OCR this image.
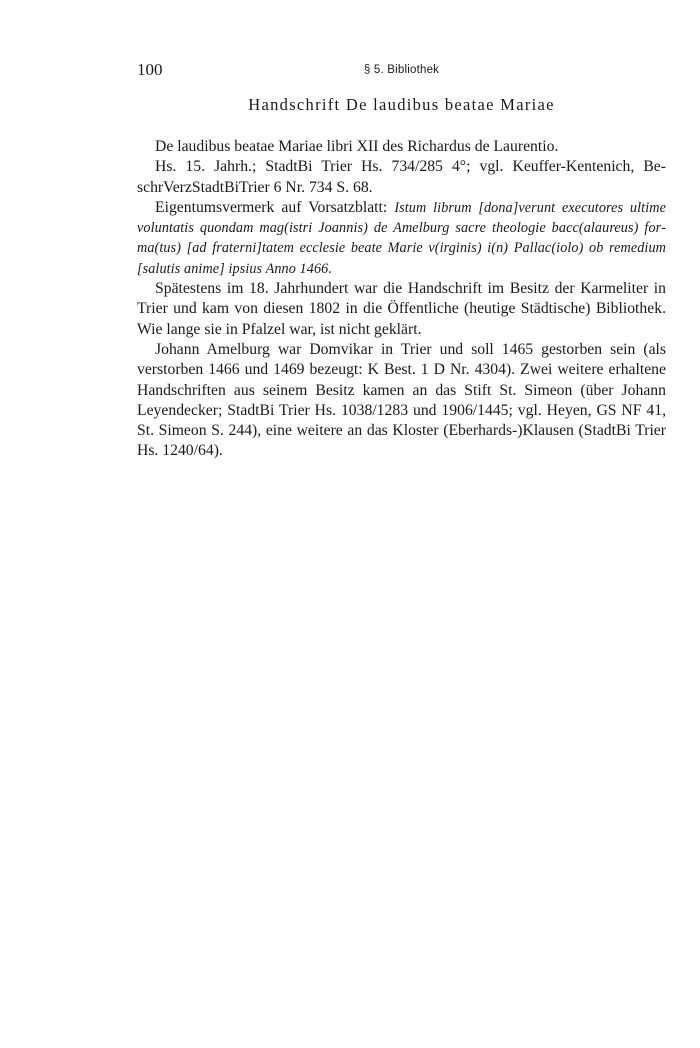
100	§ 5. Bibliothek
Handschrift De laudibus beatae Mariae

De laudibus beatae Mariae libri XII des Richardus de Laurentio.

Hs. 15. Jahrh.; StadtBi Trier Hs. 734/285 4°; vgl. Keuffer-Kentenich, BeschrVerzStadtBiTrier 6 Nr. 734 S. 68.

Eigentumsvermerk auf Vorsatzblatt: Istum librum [dona]verunt executores ultime voluntatis quondam mag(istri Joannis) de Amelburg sacre theologie bacc(alaureus) forma(tus) [ad fraterni]tatem ecclesie beate Marie v(irginis) i(n) Pallac(iolo) ob remedium [salutis anime] ipsius Anno 1466.

Spätestens im 18. Jahrhundert war die Handschrift im Besitz der Karmeliter in Trier und kam von diesen 1802 in die Öffentliche (heutige Städtische) Bibliothek. Wie lange sie in Pfalzel war, ist nicht geklärt.

Johann Amelburg war Domvikar in Trier und soll 1465 gestorben sein (als verstorben 1466 und 1469 bezeugt: K Best. 1 D Nr. 4304). Zwei weitere erhaltene Handschriften aus seinem Besitz kamen an das Stift St. Simeon (über Johann Leyendecker; StadtBi Trier Hs. 1038/1283 und 1906/1445; vgl. Heyen, GS NF 41, St. Simeon S. 244), eine weitere an das Kloster (Eberhards-)Klausen (StadtBi Trier Hs. 1240/64).
